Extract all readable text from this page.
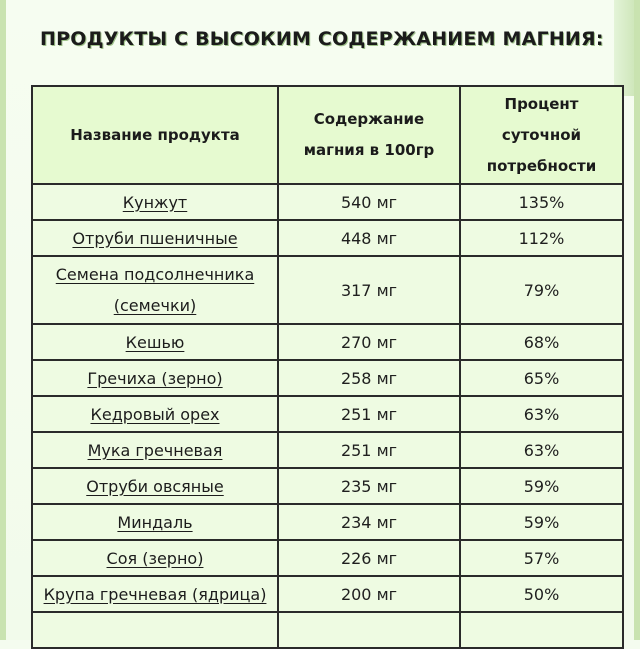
ПРОДУКТЫ С ВЫСОКИМ СОДЕРЖАНИЕМ МАГНИЯ:
Название продукта	Содержание магния в 100гр	Процент суточной потребности
Кунжут	540 мг	135%
Отруби пшеничные	448 мг	112%
Семена подсолнечника (семечки)	317 мг	79%
Кешью	270 мг	68%
Гречиха (зерно)	258 мг	65%
Кедровый орех	251 мг	63%
Мука гречневая	251 мг	63%
Отруби овсяные	235 мг	59%
Миндаль	234 мг	59%
Соя (зерно)	226 мг	57%
Крупа гречневая (ядрица)	200 мг	50%
